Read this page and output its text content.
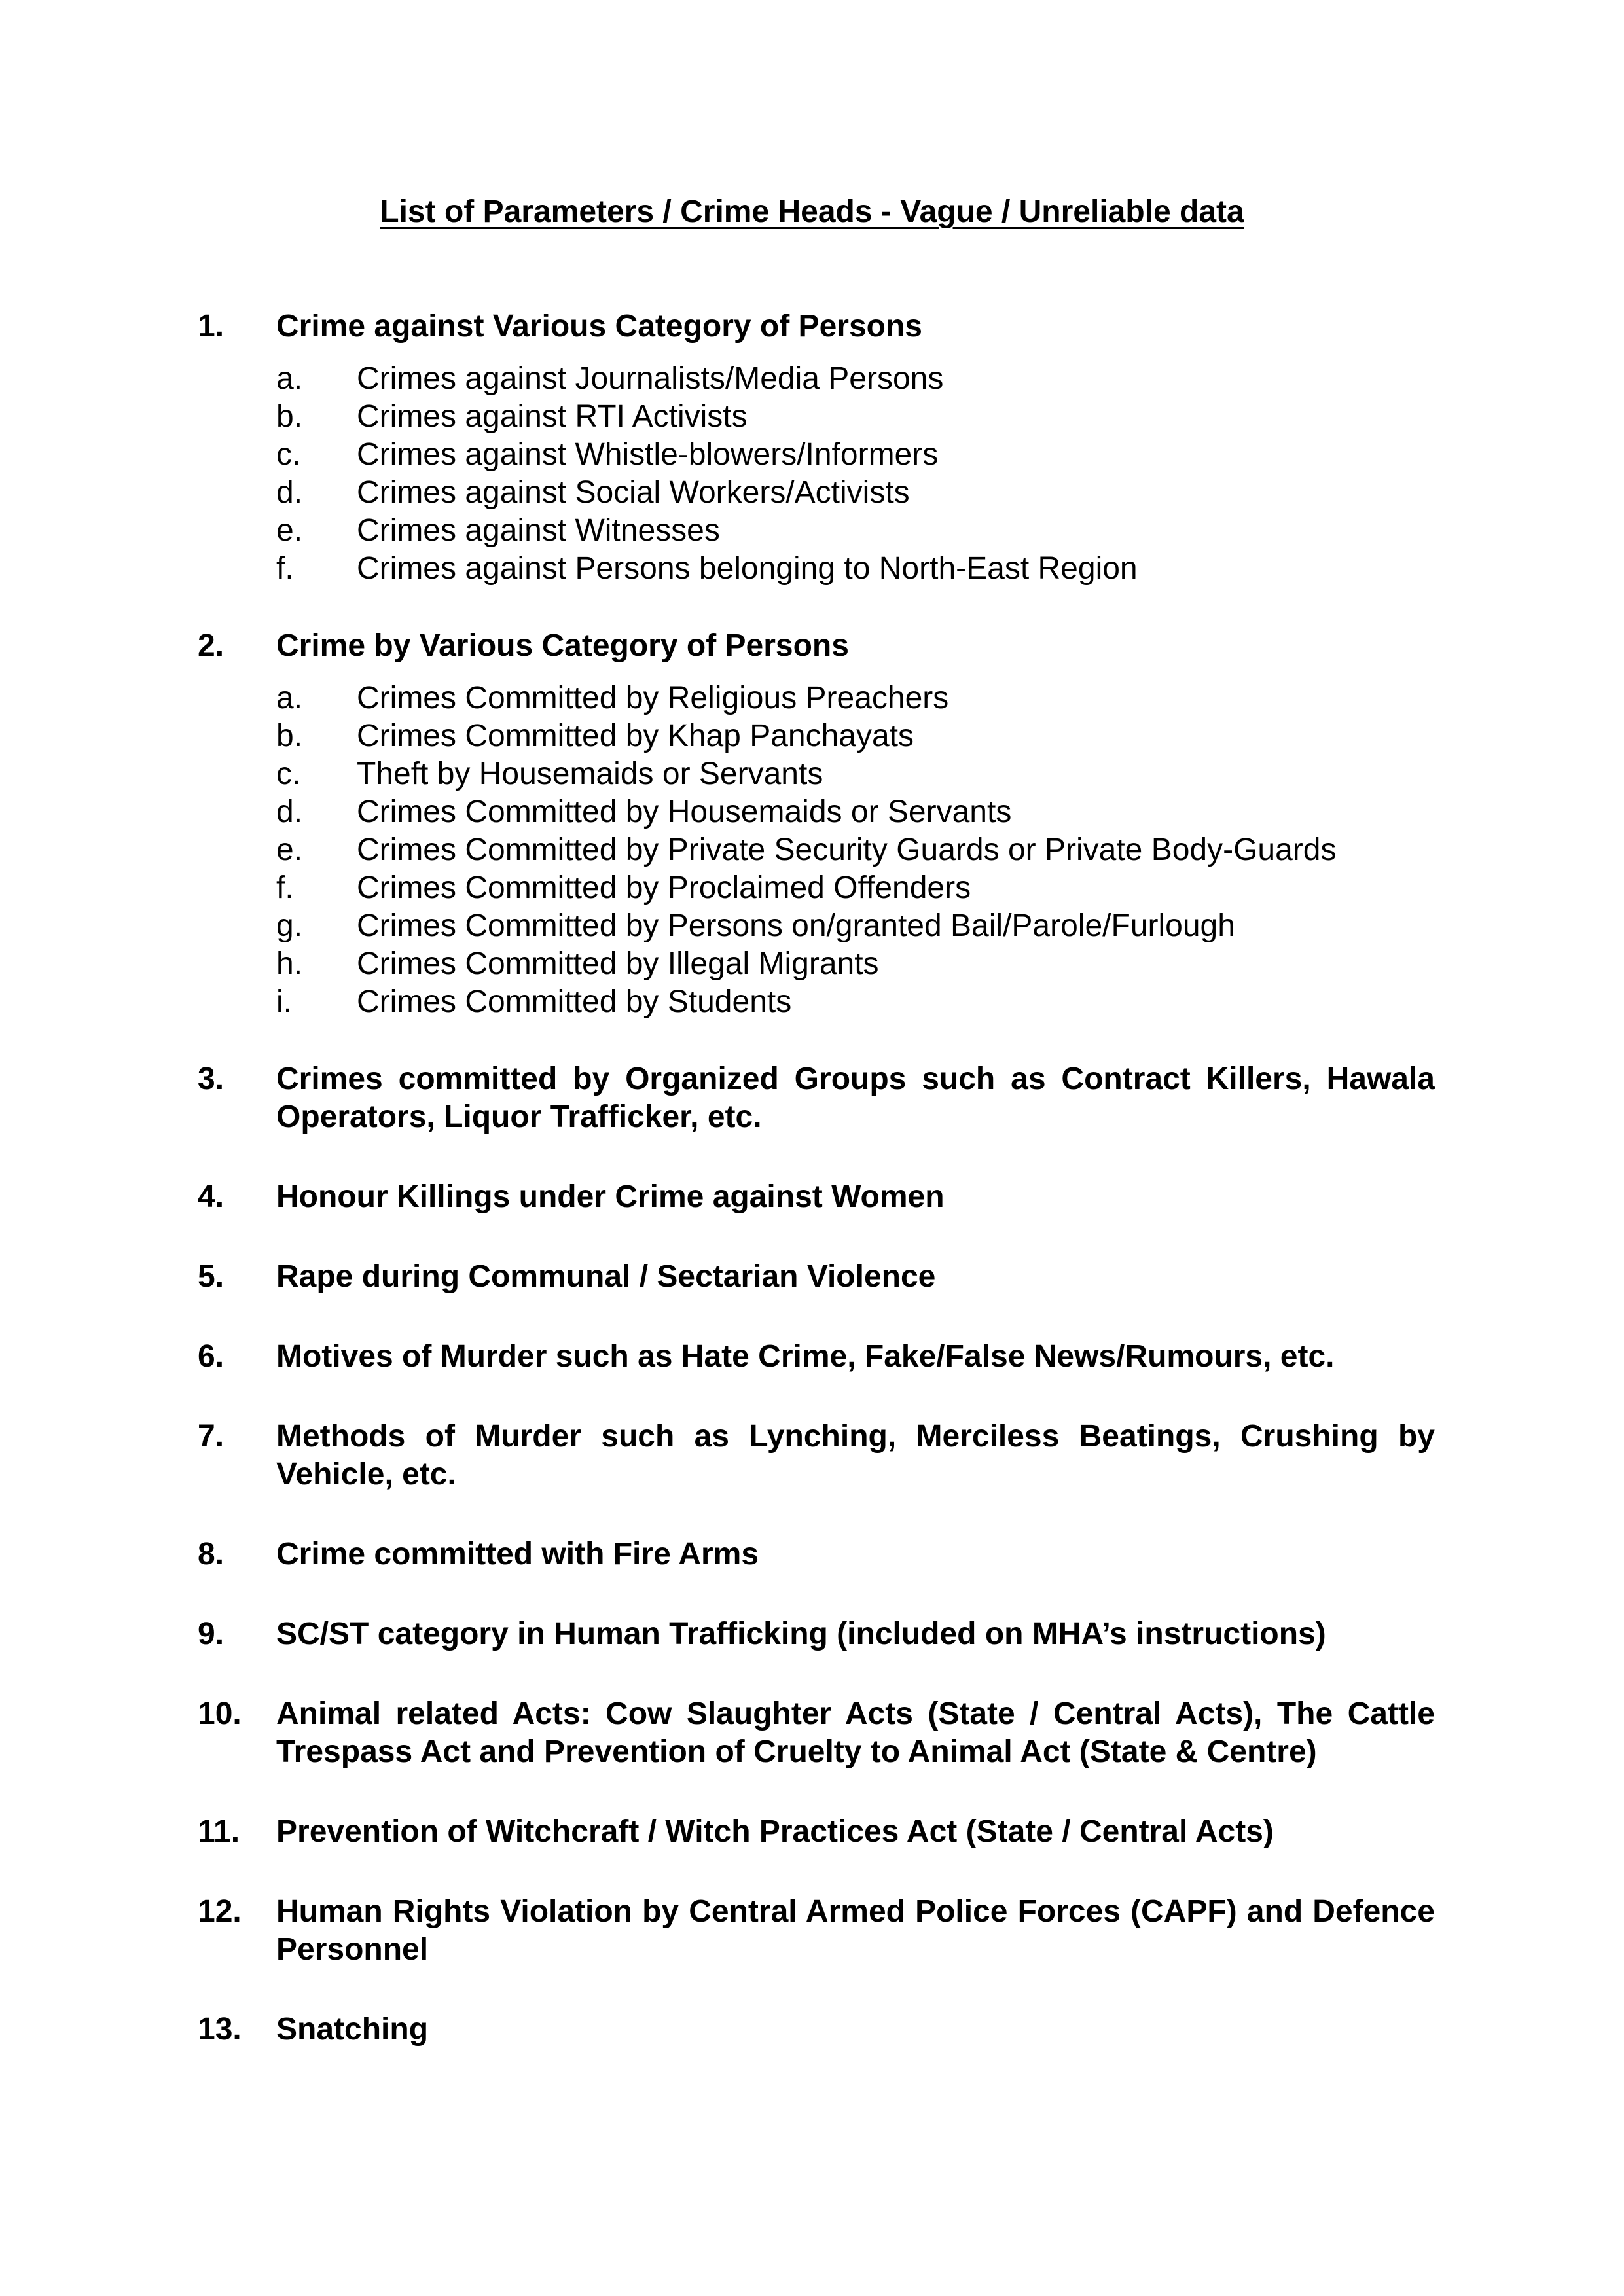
List of Parameters / Crime Heads - Vague / Unreliable data
1. Crime against Various Category of Persons
a. Crimes against Journalists/Media Persons
b. Crimes against RTI Activists
c. Crimes against Whistle-blowers/Informers
d. Crimes against Social Workers/Activists
e. Crimes against Witnesses
f. Crimes against Persons belonging to North-East Region
2. Crime by Various Category of Persons
a. Crimes Committed by Religious Preachers
b. Crimes Committed by Khap Panchayats
c. Theft by Housemaids or Servants
d. Crimes Committed by Housemaids or Servants
e. Crimes Committed by Private Security Guards or Private Body-Guards
f. Crimes Committed by Proclaimed Offenders
g. Crimes Committed by Persons on/granted Bail/Parole/Furlough
h. Crimes Committed by Illegal Migrants
i. Crimes Committed by Students
3. Crimes committed by Organized Groups such as Contract Killers, Hawala Operators, Liquor Trafficker, etc.
4. Honour Killings under Crime against Women
5. Rape during Communal / Sectarian Violence
6. Motives of Murder such as Hate Crime, Fake/False News/Rumours, etc.
7. Methods of Murder such as Lynching, Merciless Beatings, Crushing by Vehicle, etc.
8. Crime committed with Fire Arms
9. SC/ST category in Human Trafficking (included on MHA’s instructions)
10. Animal related Acts: Cow Slaughter Acts (State / Central Acts), The Cattle Trespass Act and Prevention of Cruelty to Animal Act (State & Centre)
11. Prevention of Witchcraft / Witch Practices Act (State / Central Acts)
12. Human Rights Violation by Central Armed Police Forces (CAPF) and Defence Personnel
13. Snatching
